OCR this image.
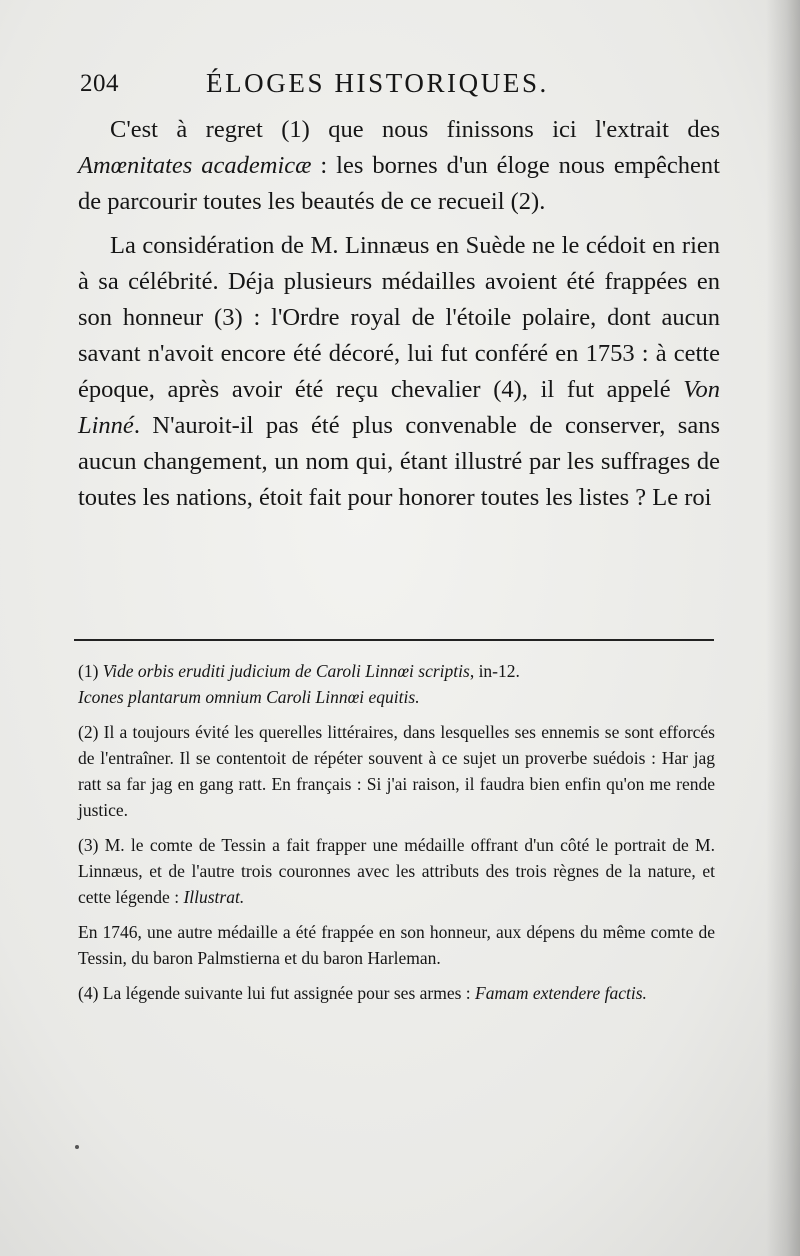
204	ÉLOGES HISTORIQUES.

C'est à regret (1) que nous finissons ici l'extrait des Amœnitates academicæ : les bornes d'un éloge nous empêchent de parcourir toutes les beautés de ce recueil (2).

La considération de M. Linnæus en Suède ne le cédoit en rien à sa célébrité. Déja plusieurs médailles avoient été frappées en son honneur (3) : l'Ordre royal de l'étoile polaire, dont aucun savant n'avoit encore été décoré, lui fut conféré en 1753 : à cette époque, après avoir été reçu chevalier (4), il fut appelé Von Linné. N'auroit-il pas été plus convenable de conserver, sans aucun changement, un nom qui, étant illustré par les suffrages de toutes les nations, étoit fait pour honorer toutes les listes ? Le roi

(1) Vide orbis eruditi judicium de Caroli Linnœi scriptis, in-12.

Icones plantarum omnium Caroli Linnœi equitis.

(2) Il a toujours évité les querelles littéraires, dans lesquelles ses ennemis se sont efforcés de l'entraîner. Il se contentoit de répéter souvent à ce sujet un proverbe suédois : Har jag ratt sa far jag en gang ratt. En français : Si j'ai raison, il faudra bien enfin qu'on me rende justice.

(3) M. le comte de Tessin a fait frapper une médaille offrant d'un côté le portrait de M. Linnæus, et de l'autre trois couronnes avec les attributs des trois règnes de la nature, et cette légende : Illustrat.

En 1746, une autre médaille a été frappée en son honneur, aux dépens du même comte de Tessin, du baron Palmstierna et du baron Harleman.

(4) La légende suivante lui fut assignée pour ses armes : Famam extendere factis.
